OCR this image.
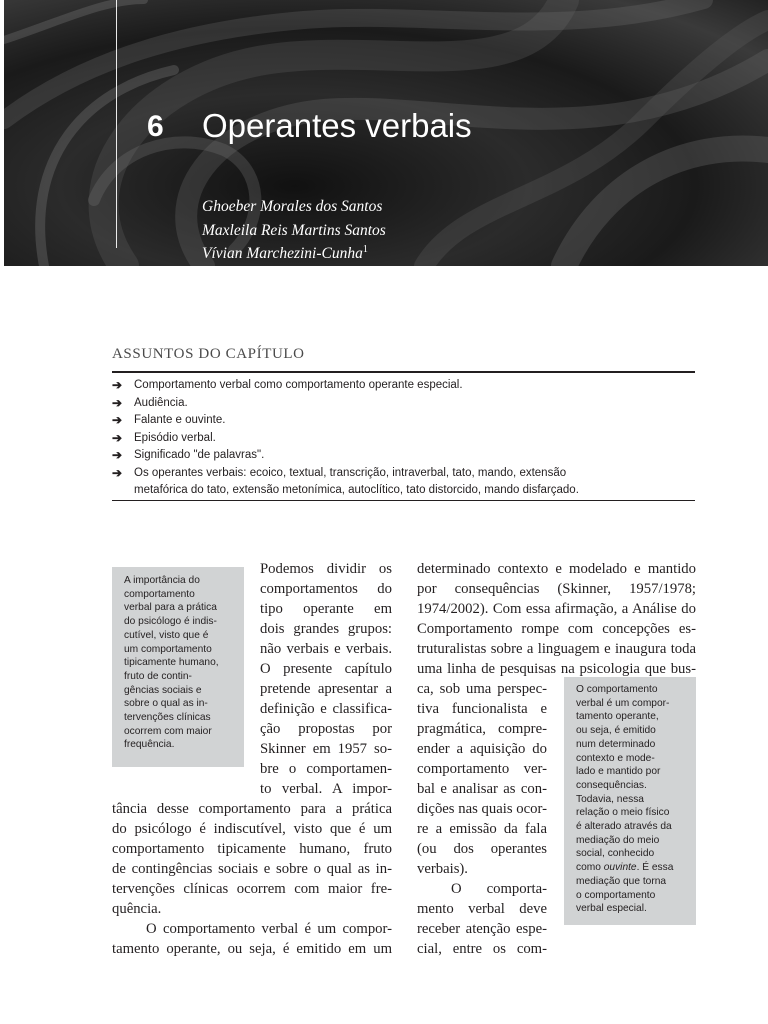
6 Operantes verbais
Ghoeber Morales dos Santos
Maxleila Reis Martins Santos
Vívian Marchezini-Cunha$^1$
ASSUNTOS DO CAPÍTULO
➔ Comportamento verbal como comportamento operante especial.
➔ Audiência.
➔ Falante e ouvinte.
➔ Episódio verbal.
➔ Significado "de palavras".
➔ Os operantes verbais: ecoico, textual, transcrição, intraverbal, tato, mando, extensão
metafórica do tato, extensão metonímica, autoclítico, tato distorcido, mando disfarçado.
A importância do
comportamento
verbal para a prática
do psicólogo é indis-
cutível, visto que é
um comportamento
tipicamente humano,
fruto de contin-
gências sociais e
sobre o qual as in-
tervenções clínicas
ocorrem com maior
frequência.
O comportamento
verbal é um compor-
tamento operante,
ou seja, é emitido
num determinado
contexto e mode-
lado e mantido por
consequências.
Todavia, nessa
relação o meio físico
é alterado através da
mediação do meio
social, conhecido
como ouvinte. É essa
mediação que torna
o comportamento
verbal especial.
Podemos dividir os
comportamentos do
tipo operante em
dois grandes grupos:
não verbais e verbais.
O presente capítulo
pretende apresentar a
definição e classifica-
ção propostas por
Skinner em 1957 so-
bre o comportamen-
to verbal. A impor-
tância desse comportamento para a prática
do psicólogo é indiscutível, visto que é um
comportamento tipicamente humano, fruto
de contingências sociais e sobre o qual as in-
tervenções clínicas ocorrem com maior fre-
quência.
O comportamento verbal é um compor-
tamento operante, ou seja, é emitido em um
determinado contexto e modelado e mantido
por consequências (Skinner, 1957/1978;
1974/2002). Com essa afirmação, a Análise do
Comportamento rompe com concepções es-
truturalistas sobre a linguagem e inaugura toda
uma linha de pesquisas na psicologia que bus-
ca, sob uma perspec-
tiva funcionalista e
pragmática, compre-
ender a aquisição do
comportamento ver-
bal e analisar as con-
dições nas quais ocor-
re a emissão da fala
(ou dos operantes
verbais).
O comporta-
mento verbal deve
receber atenção espe-
cial, entre os com-
